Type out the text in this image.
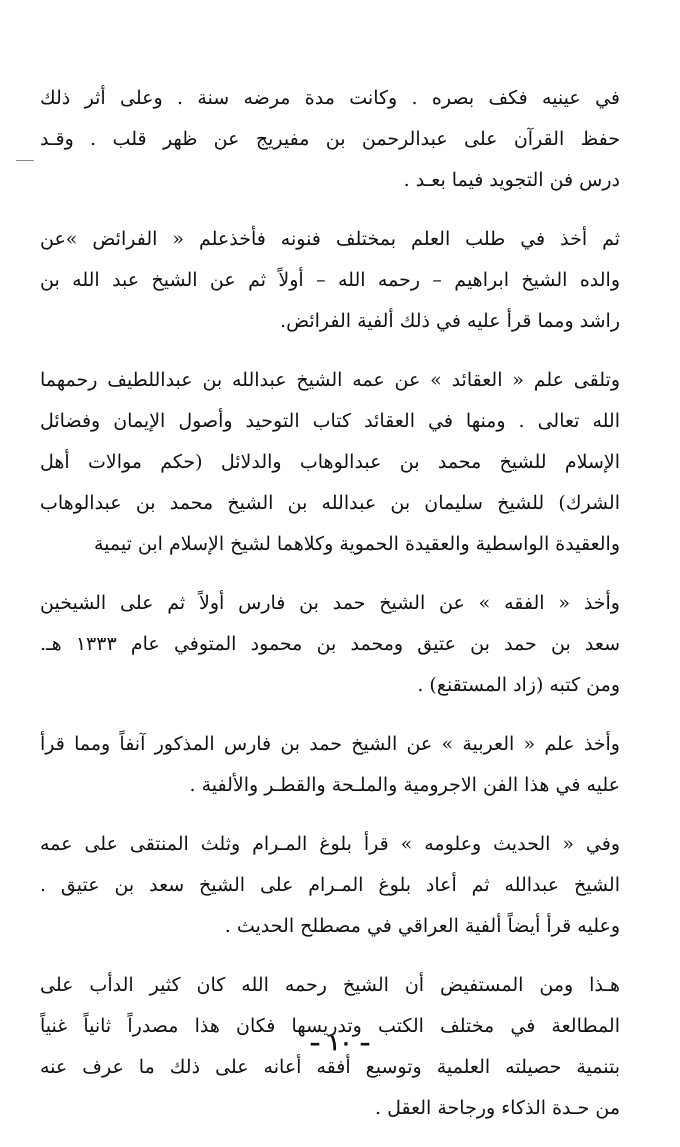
في عينيه فكف بصره . وكانت مدة مرضه سنة . وعلى أثر ذلك
حفظ القرآن على عبدالرحمن بن مفيريج عن ظهر قلب . وقـد
درس فن التجويد فيما بعـد .
ثم أخذ في طلب العلم بمختلف فنونه فأخذعلم « الفرائض »عن
والده الشيخ ابراهيم – رحمه الله – أولاً ثم عن الشيخ عبد الله بن
راشد ومما قرأ عليه في ذلك ألفية الفرائض.
وتلقى علم « العقائد » عن عمه الشيخ عبدالله بن عبداللطيف رحمهما
الله تعالى . ومنها في العقائد كتاب التوحيد وأصول الإيمان وفضائل
الإسلام للشيخ محمد بن عبدالوهاب والدلائل (حكم موالات أهل
الشرك) للشيخ سليمان بن عبدالله بن الشيخ محمد بن عبدالوهاب
والعقيدة الواسطية والعقيدة الحموية وكلاهما لشيخ الإسلام ابن تيمية
وأخذ « الفقه » عن الشيخ حمد بن فارس أولاً ثم على الشيخين
سعد بن حمد بن عتيق ومحمد بن محمود المتوفي عام ١٣٣٣ هـ.
ومن كتبه (زاد المستقنع) .
وأخذ علم « العربية » عن الشيخ حمد بن فارس المذكور آنفاً ومما قرأ
عليه في هذا الفن الاجرومية والملـحة والقطـر والألفية .
وفي « الحديث وعلومه » قرأ بلوغ المـرام وثلث المنتقى على عمه
الشيخ عبدالله ثم أعاد بلوغ المـرام على الشيخ سعد بن عتيق .
وعليه قرأ أيضاً ألفية العراقي في مصطلح الحديث .
هـذا ومن المستفيض أن الشيخ رحمه الله كان كثير الدأب على
المطالعة في مختلف الكتب وتدريسها فكان هذا مصدراً ثانياً غنياً
بتنمية حصيلته العلمية وتوسيع أفقه أعانه على ذلك ما عرف عنه
من حـدة الذكاء ورجاحة العقل .
– ١٠ –
